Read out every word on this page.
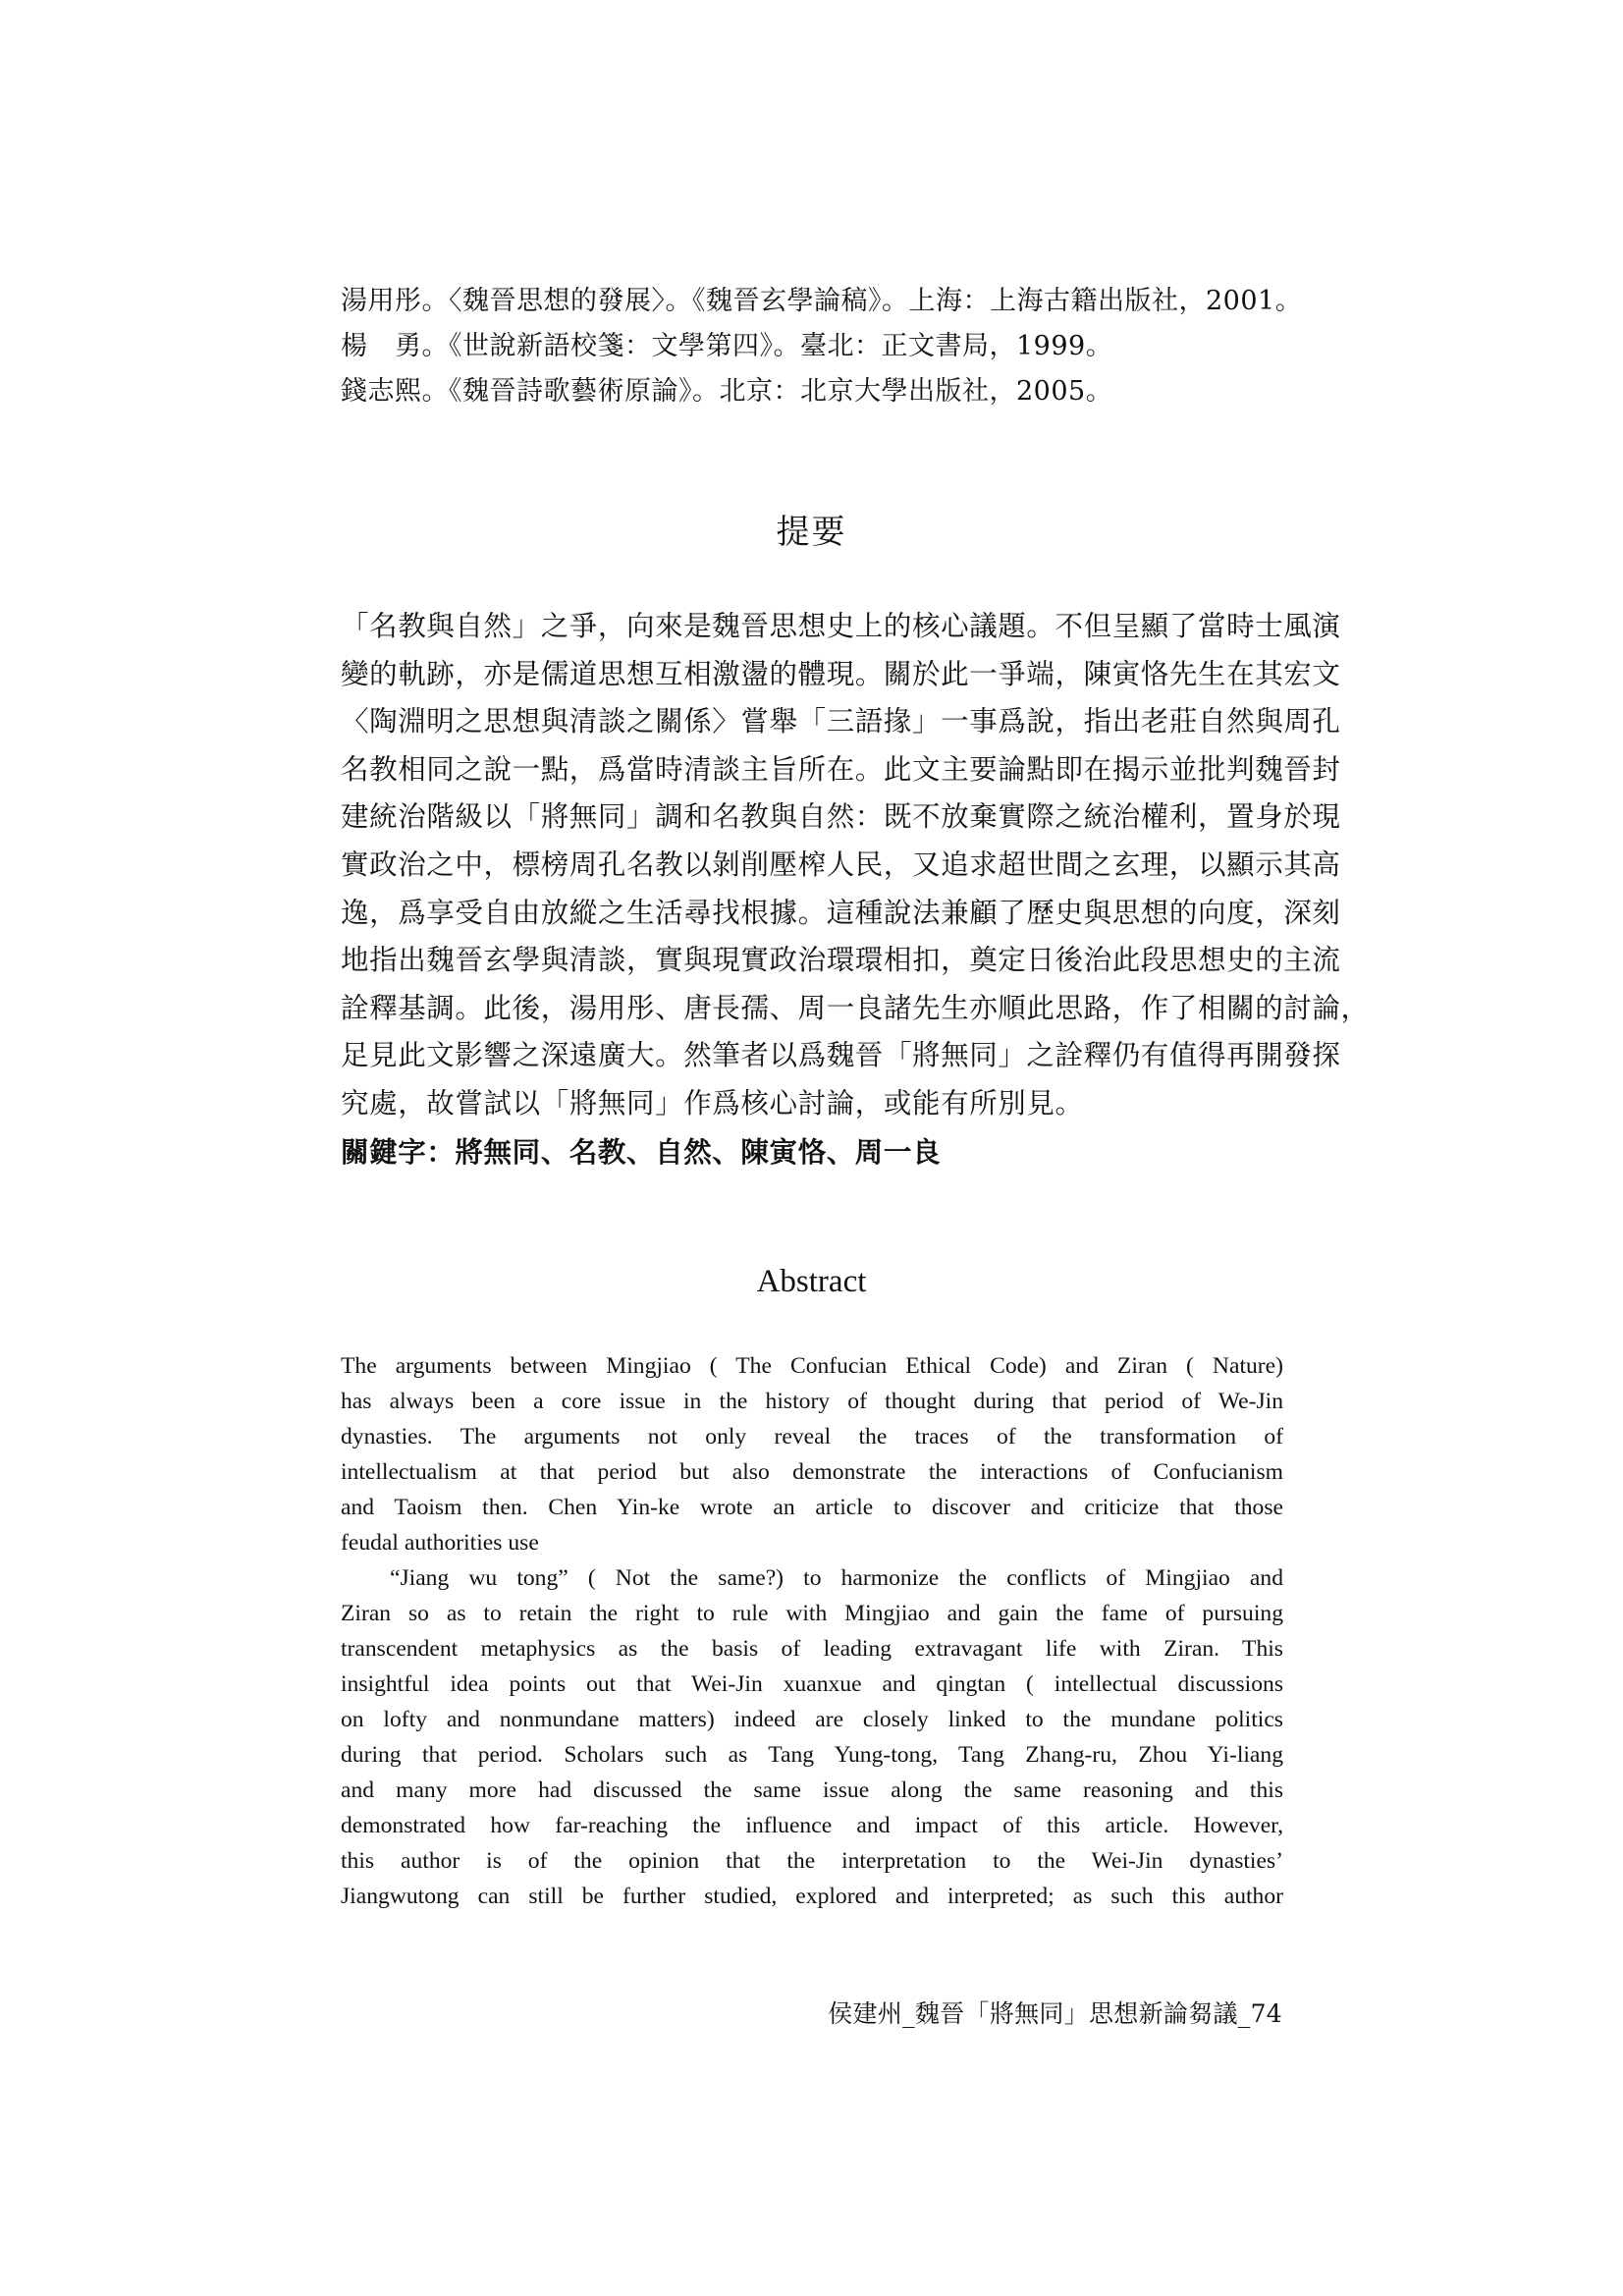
湯用彤。〈魏晉思想的發展〉。《魏晉玄學論稿》。上海：上海古籍出版社，2001。
楊　勇。《世說新語校箋：文學第四》。臺北：正文書局，1999。
錢志熙。《魏晉詩歌藝術原論》。北京：北京大學出版社，2005。
提要
「名教與自然」之爭，向來是魏晉思想史上的核心議題。不但呈顯了當時士風演
變的軌跡，亦是儒道思想互相激盪的體現。關於此一爭端，陳寅恪先生在其宏文
〈陶淵明之思想與清談之關係〉嘗舉「三語掾」一事爲說，指出老莊自然與周孔
名教相同之說一點，爲當時清談主旨所在。此文主要論點即在揭示並批判魏晉封
建統治階級以「將無同」調和名教與自然：既不放棄實際之統治權利，置身於現
實政治之中，標榜周孔名教以剝削壓榨人民，又追求超世間之玄理，以顯示其高
逸，爲享受自由放縱之生活尋找根據。這種說法兼顧了歷史與思想的向度，深刻
地指出魏晉玄學與清談，實與現實政治環環相扣，奠定日後治此段思想史的主流
詮釋基調。此後，湯用彤、唐長孺、周一良諸先生亦順此思路，作了相關的討論，
足見此文影響之深遠廣大。然筆者以爲魏晉「將無同」之詮釋仍有值得再開發探
究處，故嘗試以「將無同」作爲核心討論，或能有所別見。
關鍵字：將無同、名教、自然、陳寅恪、周一良
Abstract
The arguments between Mingjiao ( The Confucian Ethical Code) and Ziran ( Nature)
has always been a core issue in the history of thought during that period of We-Jin
dynasties. The arguments not only reveal the traces of the transformation of
intellectualism at that period but also demonstrate the interactions of Confucianism
and Taoism then. Chen Yin-ke wrote an article to discover and criticize that those
feudal authorities use
“Jiang wu tong” ( Not the same?) to harmonize the conflicts of Mingjiao and
Ziran so as to retain the right to rule with Mingjiao and gain the fame of pursuing
transcendent metaphysics as the basis of leading extravagant life with Ziran. This
insightful idea points out that Wei-Jin xuanxue and qingtan ( intellectual discussions
on lofty and nonmundane matters) indeed are closely linked to the mundane politics
during that period. Scholars such as Tang Yung-tong, Tang Zhang-ru, Zhou Yi-liang
and many more had discussed the same issue along the same reasoning and this
demonstrated how far-reaching the influence and impact of this article. However,
this author is of the opinion that the interpretation to the Wei-Jin dynasties’
Jiangwutong can still be further studied, explored and interpreted; as such this author
侯建州_魏晉「將無同」思想新論芻議_74
